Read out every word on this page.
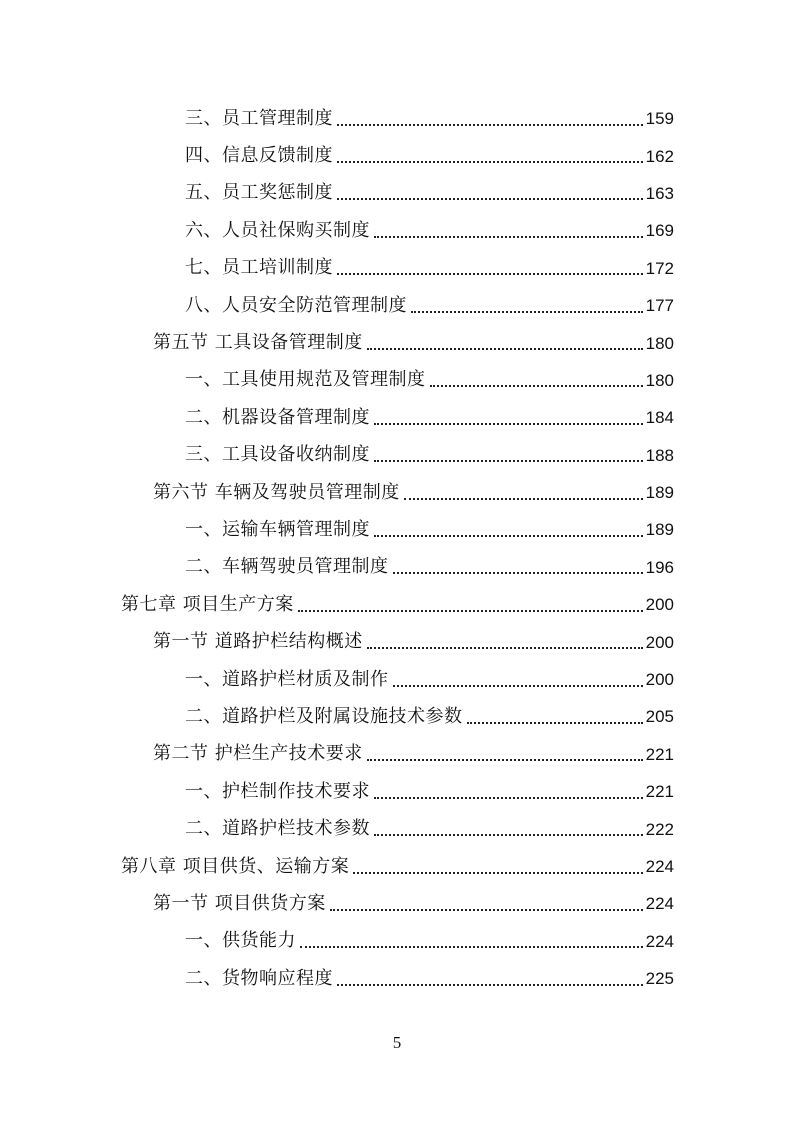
三、员工管理制度	159
四、信息反馈制度	162
五、员工奖惩制度	163
六、人员社保购买制度	169
七、员工培训制度	172
八、人员安全防范管理制度	177
第五节 工具设备管理制度	180
一、工具使用规范及管理制度	180
二、机器设备管理制度	184
三、工具设备收纳制度	188
第六节 车辆及驾驶员管理制度	189
一、运输车辆管理制度	189
二、车辆驾驶员管理制度	196
第七章 项目生产方案	200
第一节 道路护栏结构概述	200
一、道路护栏材质及制作	200
二、道路护栏及附属设施技术参数	205
第二节 护栏生产技术要求	221
一、护栏制作技术要求	221
二、道路护栏技术参数	222
第八章 项目供货、运输方案	224
第一节 项目供货方案	224
一、供货能力	224
二、货物响应程度	225
5
